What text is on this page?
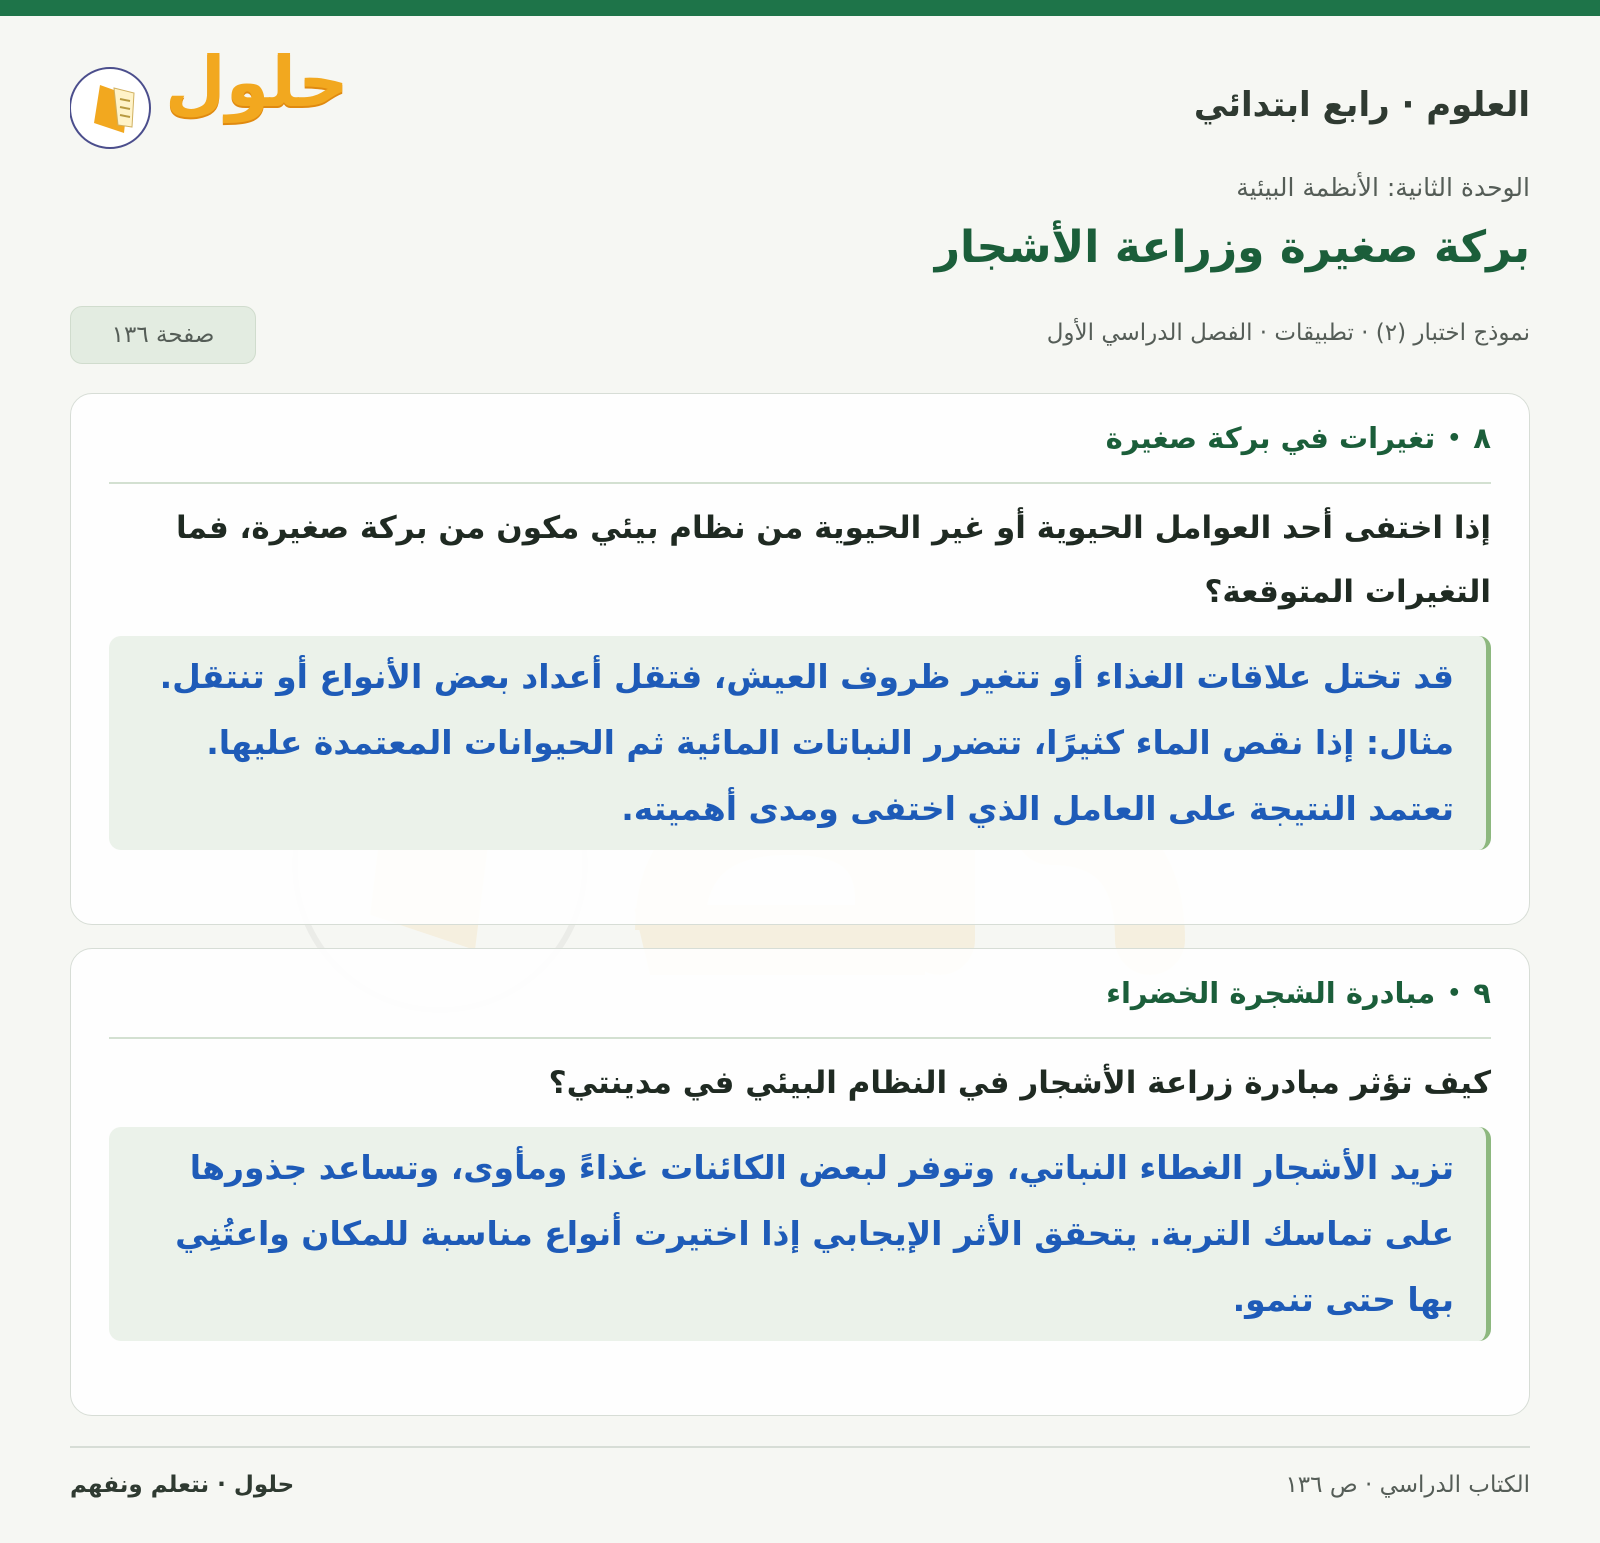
العلوم · رابع ابتدائي
حلول
الوحدة الثانية: الأنظمة البيئية
بركة صغيرة وزراعة الأشجار
نموذج اختبار (٢) · تطبيقات · الفصل الدراسي الأول
صفحة ١٣٦
٨
•
تغيرات في بركة صغيرة
إذا اختفى أحد العوامل الحيوية أو غير الحيوية من نظام بيئي مكون من بركة صغيرة، فما التغيرات المتوقعة؟
قد تختل علاقات الغذاء أو تتغير ظروف العيش، فتقل أعداد بعض الأنواع أو تنتقل. مثال: إذا نقص الماء كثيرًا، تتضرر النباتات المائية ثم الحيوانات المعتمدة عليها. تعتمد النتيجة على العامل الذي اختفى ومدى أهميته.
٩
•
مبادرة الشجرة الخضراء
كيف تؤثر مبادرة زراعة الأشجار في النظام البيئي في مدينتي؟
تزيد الأشجار الغطاء النباتي، وتوفر لبعض الكائنات غذاءً ومأوى، وتساعد جذورها على تماسك التربة. يتحقق الأثر الإيجابي إذا اختيرت أنواع مناسبة للمكان واعتُنِي بها حتى تنمو.
الكتاب الدراسي · ص ١٣٦
حلول · نتعلم ونفهم
